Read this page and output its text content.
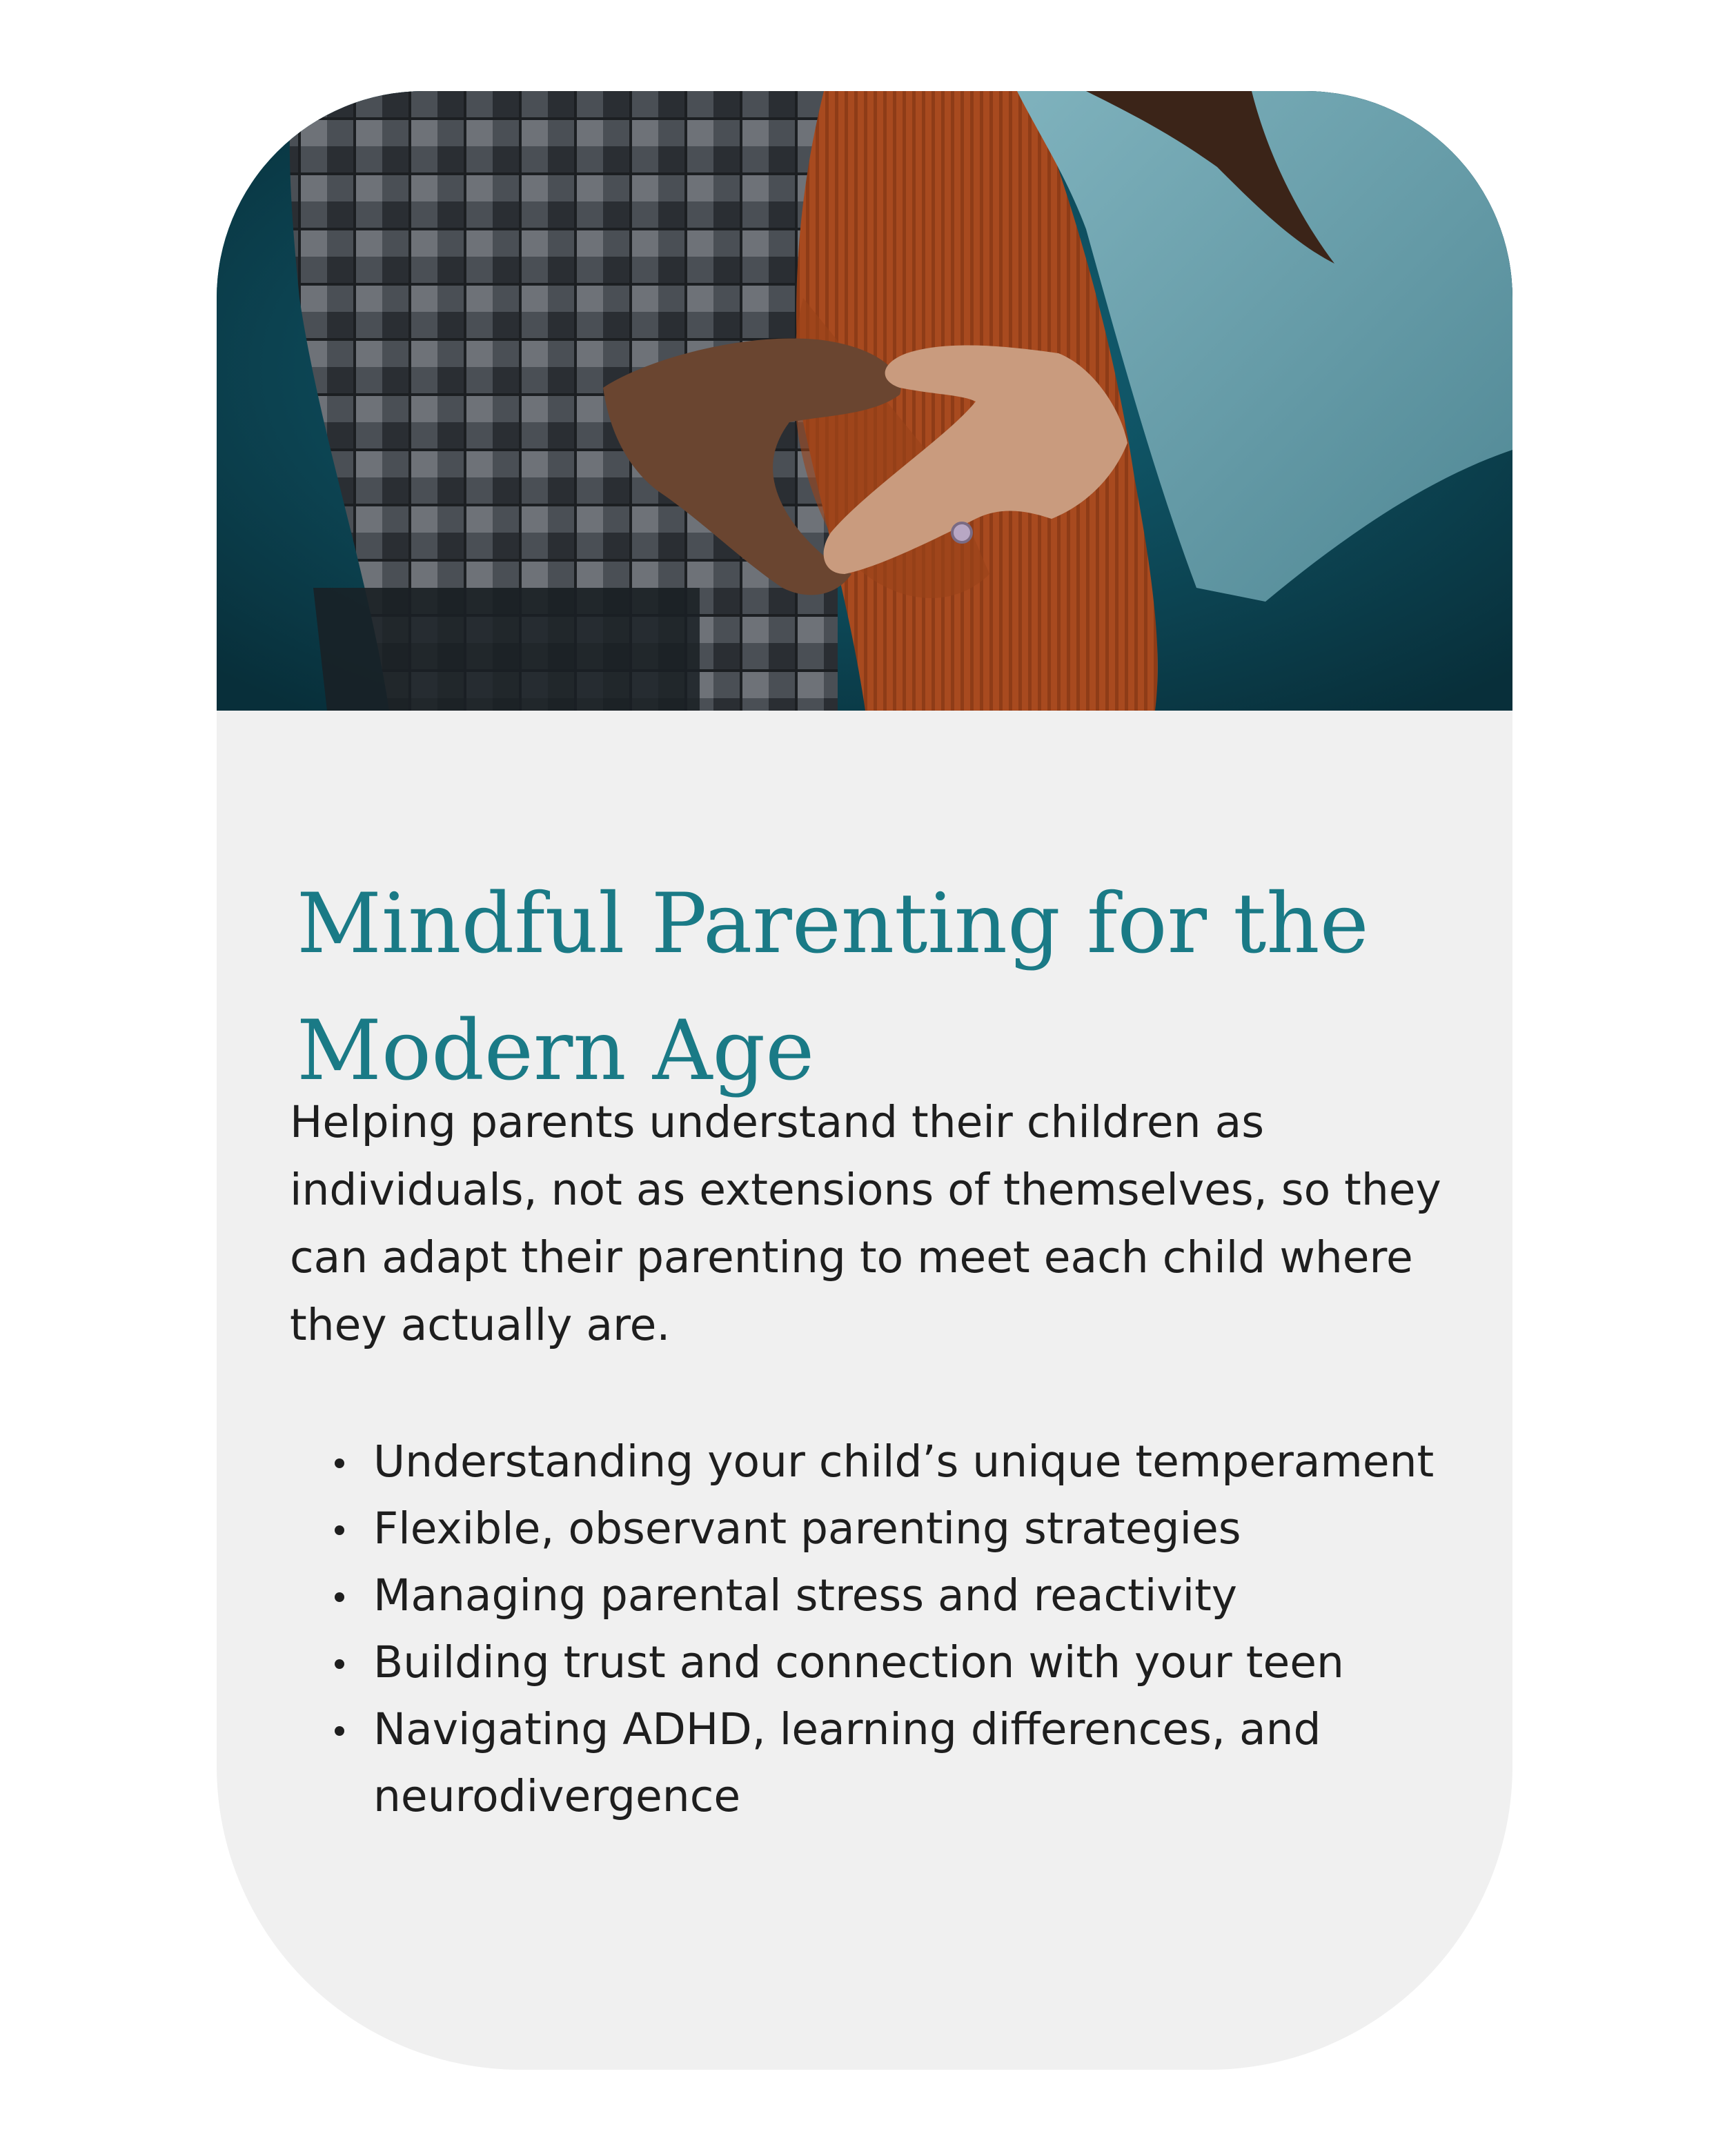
Mindful Parenting for the Modern Age

Helping parents understand their children as individuals, not as extensions of themselves, so they can adapt their parenting to meet each child where they actually are.

Understanding your child’s unique temperament
Flexible, observant parenting strategies
Managing parental stress and reactivity
Building trust and connection with your teen
Navigating ADHD, learning differences, and neurodivergence
